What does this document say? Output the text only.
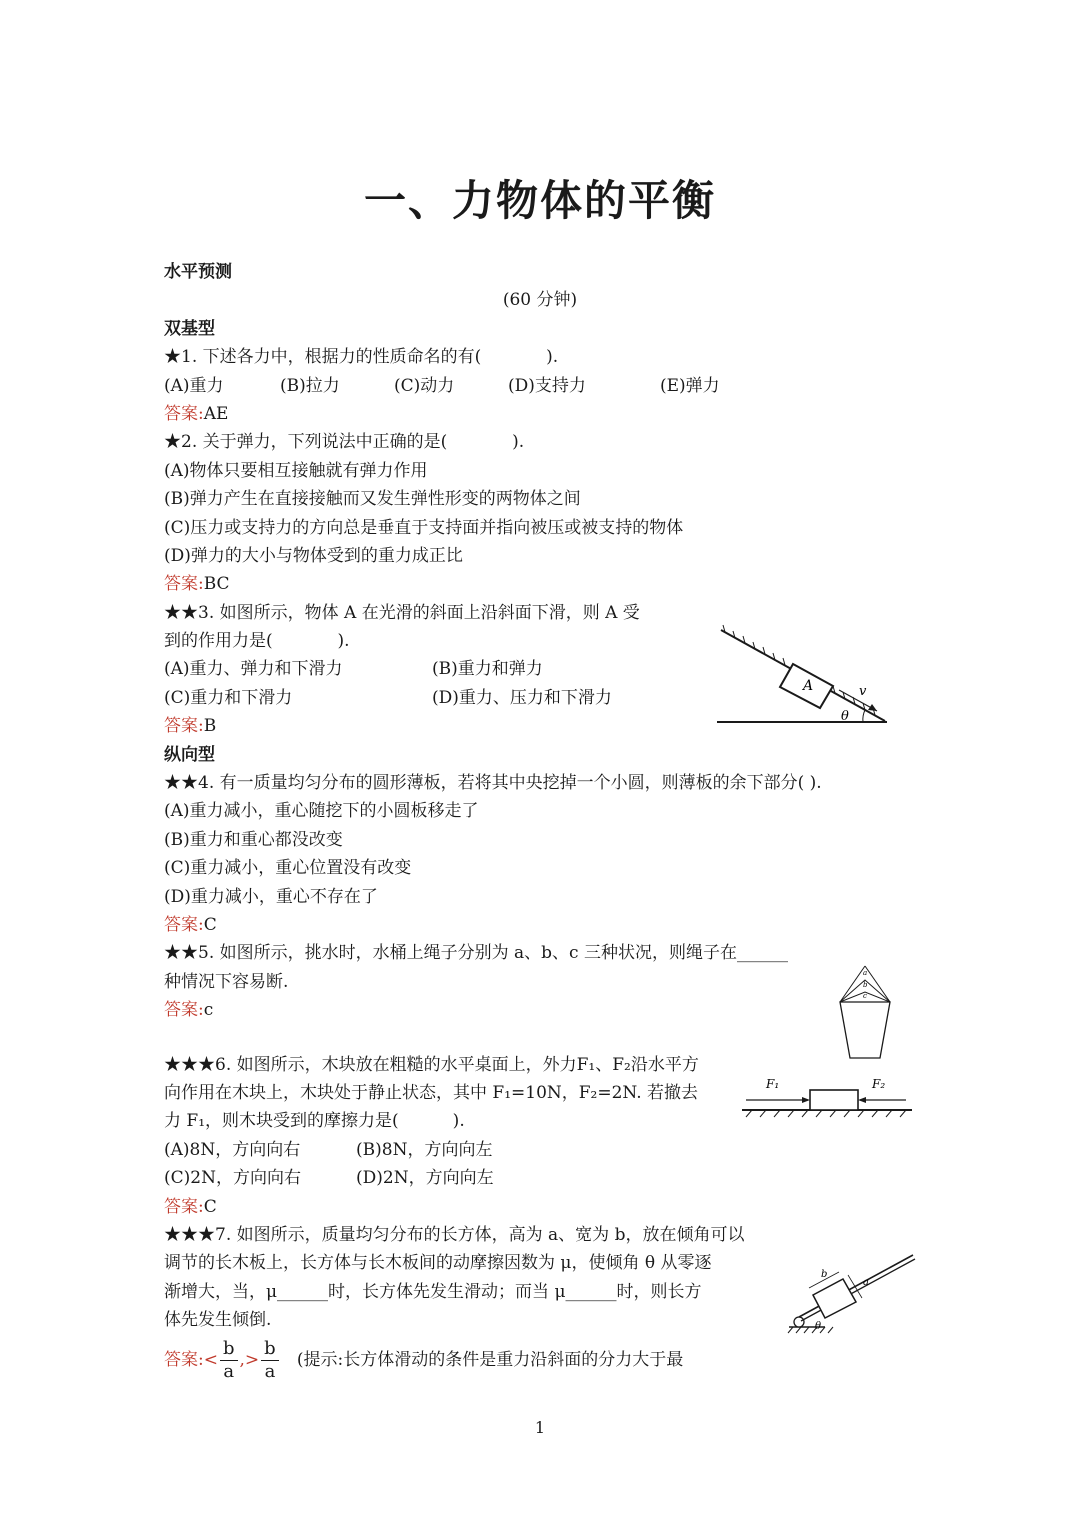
一、力物体的平衡
水平预测
(60 分钟)
双基型
★1. 下述各力中，根据力的性质命名的有(            ).
(A)重力	(B)拉力	(C)动力	(D)支持力	(E)弹力
答案:AE
★2. 关于弹力，下列说法中正确的是(            ).
(A)物体只要相互接触就有弹力作用
(B)弹力产生在直接接触而又发生弹性形变的两物体之间
(C)压力或支持力的方向总是垂直于支持面并指向被压或被支持的物体
(D)弹力的大小与物体受到的重力成正比
答案:BC
★★3. 如图所示，物体 A 在光滑的斜面上沿斜面下滑，则 A 受
到的作用力是(            ).
(A)重力、弹力和下滑力	(B)重力和弹力
(C)重力和下滑力	(D)重力、压力和下滑力
答案:B
纵向型
★★4. 有一质量均匀分布的圆形薄板，若将其中央挖掉一个小圆，则薄板的余下部分( ).
(A)重力减小，重心随挖下的小圆板移走了
(B)重力和重心都没改变
(C)重力减小，重心位置没有改变
(D)重力减小，重心不存在了
答案:C
★★5. 如图所示，挑水时，水桶上绳子分别为 a、b、c 三种状况，则绳子在______
种情况下容易断.
答案:c
★★★6. 如图所示，木块放在粗糙的水平桌面上，外力F₁、F₂沿水平方
向作用在木块上，木块处于静止状态，其中 F₁=10N，F₂=2N. 若撤去
力 F₁，则木块受到的摩擦力是(          ).
(A)8N，方向向右	(B)8N，方向向左
(C)2N，方向向右	(D)2N，方向向左
答案:C
★★★7. 如图所示，质量均匀分布的长方体，高为 a、宽为 b，放在倾角可以
调节的长木板上，长方体与长木板间的动摩擦因数为 μ，使倾角 θ 从零逐
渐增大，当，μ______时，长方体先发生滑动；而当 μ______时，则长方
体先发生倾倒.
答案: < $\frac{b}{a}$ ,> $\frac{b}{a}$ (提示:长方体滑动的条件是重力沿斜面的分力大于最
A	v
θ
a
b
c
F₁	F₂
b
a
θ
1
